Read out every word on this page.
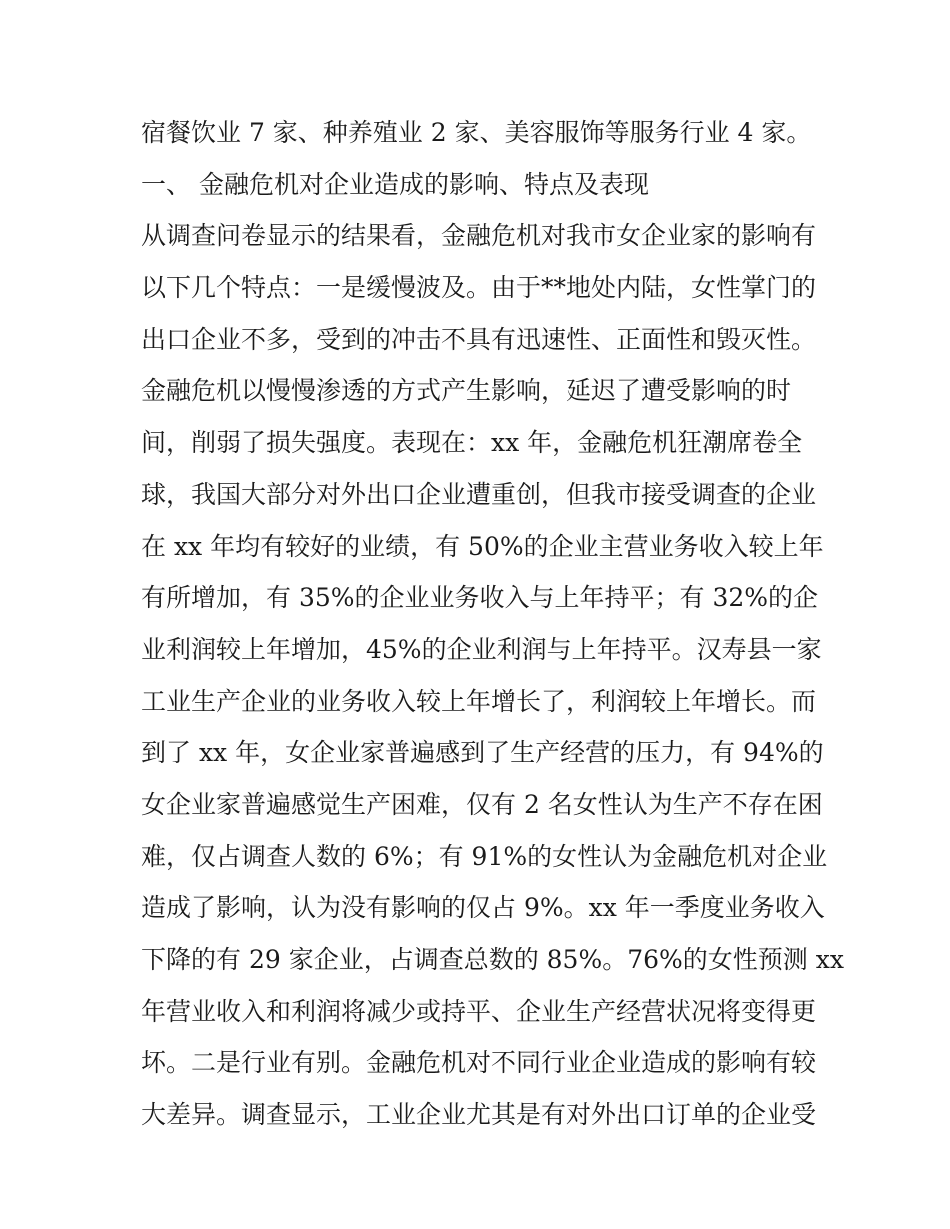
宿餐饮业 7 家、种养殖业 2 家、美容服饰等服务行业 4 家。
一、 金融危机对企业造成的影响、特点及表现
从调查问卷显示的结果看，金融危机对我市女企业家的影响有
以下几个特点：一是缓慢波及。由于**地处内陆，女性掌门的
出口企业不多，受到的冲击不具有迅速性、正面性和毁灭性。
金融危机以慢慢渗透的方式产生影响，延迟了遭受影响的时
间，削弱了损失强度。表现在：xx 年，金融危机狂潮席卷全
球，我国大部分对外出口企业遭重创，但我市接受调查的企业
在 xx 年均有较好的业绩，有 50%的企业主营业务收入较上年
有所增加，有 35%的企业业务收入与上年持平；有 32%的企
业利润较上年增加，45%的企业利润与上年持平。汉寿县一家
工业生产企业的业务收入较上年增长了，利润较上年增长。而
到了 xx 年，女企业家普遍感到了生产经营的压力，有 94%的
女企业家普遍感觉生产困难，仅有 2 名女性认为生产不存在困
难，仅占调查人数的 6%；有 91%的女性认为金融危机对企业
造成了影响，认为没有影响的仅占 9%。xx 年一季度业务收入
下降的有 29 家企业，占调查总数的 85%。76%的女性预测 xx
年营业收入和利润将减少或持平、企业生产经营状况将变得更
坏。二是行业有别。金融危机对不同行业企业造成的影响有较
大差异。调查显示，工业企业尤其是有对外出口订单的企业受
